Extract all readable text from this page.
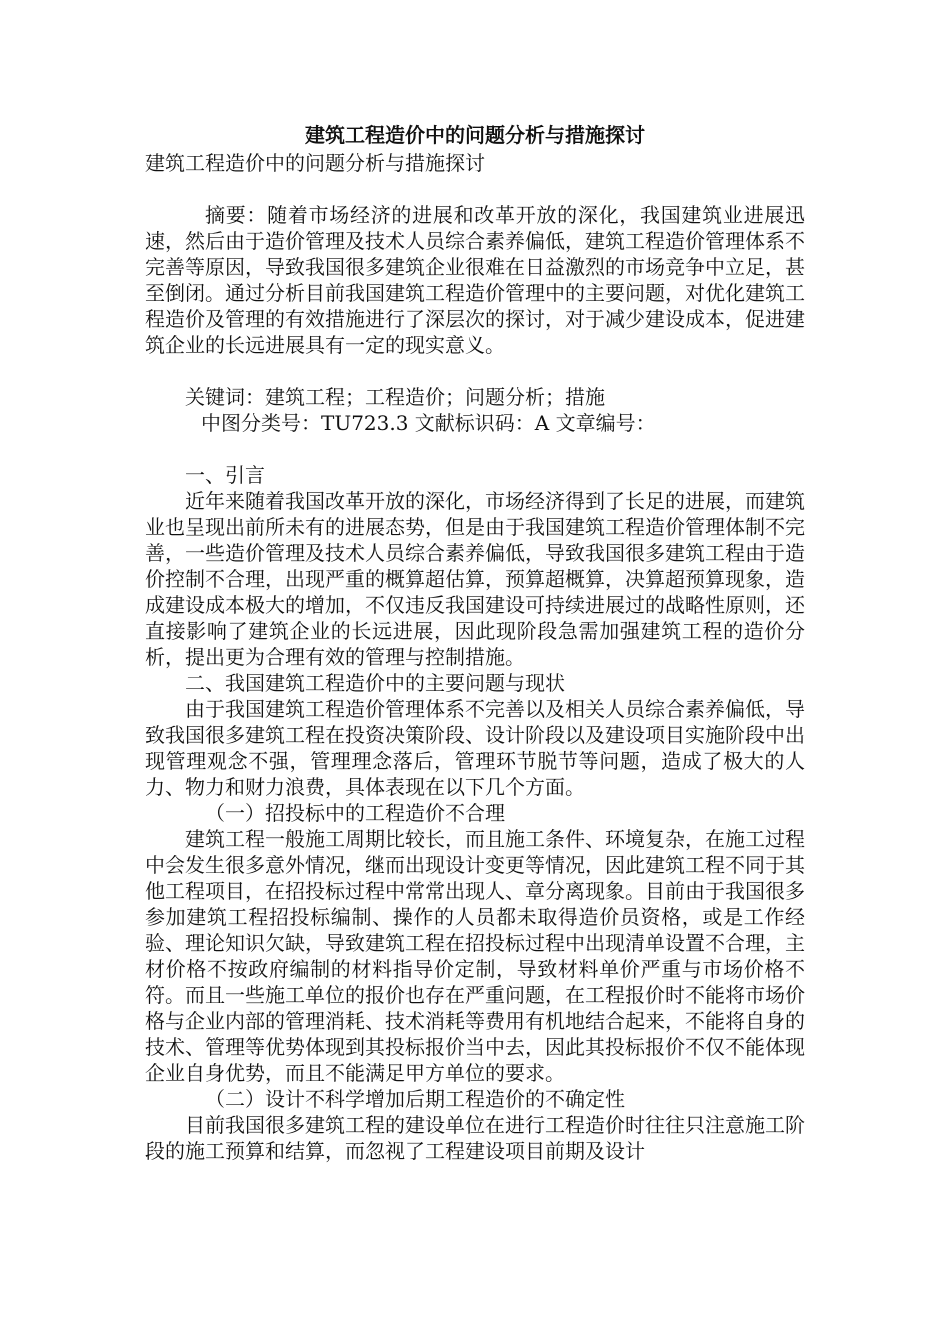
建筑工程造价中的问题分析与措施探讨

建筑工程造价中的问题分析与措施探讨

摘要：随着市场经济的进展和改革开放的深化，我国建筑业进展迅速，然后由于造价管理及技术人员综合素养偏低，建筑工程造价管理体系不完善等原因，导致我国很多建筑企业很难在日益激烈的市场竞争中立足，甚至倒闭。通过分析目前我国建筑工程造价管理中的主要问题，对优化建筑工程造价及管理的有效措施进行了深层次的探讨，对于减少建设成本，促进建筑企业的长远进展具有一定的现实意义。

关键词：建筑工程；工程造价；问题分析；措施

中图分类号：TU723.3 文献标识码：A 文章编号：

一、引言

近年来随着我国改革开放的深化，市场经济得到了长足的进展，而建筑业也呈现出前所未有的进展态势，但是由于我国建筑工程造价管理体制不完善，一些造价管理及技术人员综合素养偏低，导致我国很多建筑工程由于造价控制不合理，出现严重的概算超估算，预算超概算，决算超预算现象，造成建设成本极大的增加，不仅违反我国建设可持续进展过的战略性原则，还直接影响了建筑企业的长远进展，因此现阶段急需加强建筑工程的造价分析，提出更为合理有效的管理与控制措施。

二、我国建筑工程造价中的主要问题与现状

由于我国建筑工程造价管理体系不完善以及相关人员综合素养偏低，导致我国很多建筑工程在投资决策阶段、设计阶段以及建设项目实施阶段中出现管理观念不强，管理理念落后，管理环节脱节等问题，造成了极大的人力、物力和财力浪费，具体表现在以下几个方面。

（一）招投标中的工程造价不合理

建筑工程一般施工周期比较长，而且施工条件、环境复杂，在施工过程中会发生很多意外情况，继而出现设计变更等情况，因此建筑工程不同于其他工程项目，在招投标过程中常常出现人、章分离现象。目前由于我国很多参加建筑工程招投标编制、操作的人员都未取得造价员资格，或是工作经验、理论知识欠缺，导致建筑工程在招投标过程中出现清单设置不合理，主材价格不按政府编制的材料指导价定制，导致材料单价严重与市场价格不符。而且一些施工单位的报价也存在严重问题，在工程报价时不能将市场价格与企业内部的管理消耗、技术消耗等费用有机地结合起来，不能将自身的技术、管理等优势体现到其投标报价当中去，因此其投标报价不仅不能体现企业自身优势，而且不能满足甲方单位的要求。

（二）设计不科学增加后期工程造价的不确定性

目前我国很多建筑工程的建设单位在进行工程造价时往往只注意施工阶段的施工预算和结算，而忽视了工程建设项目前期及设计
